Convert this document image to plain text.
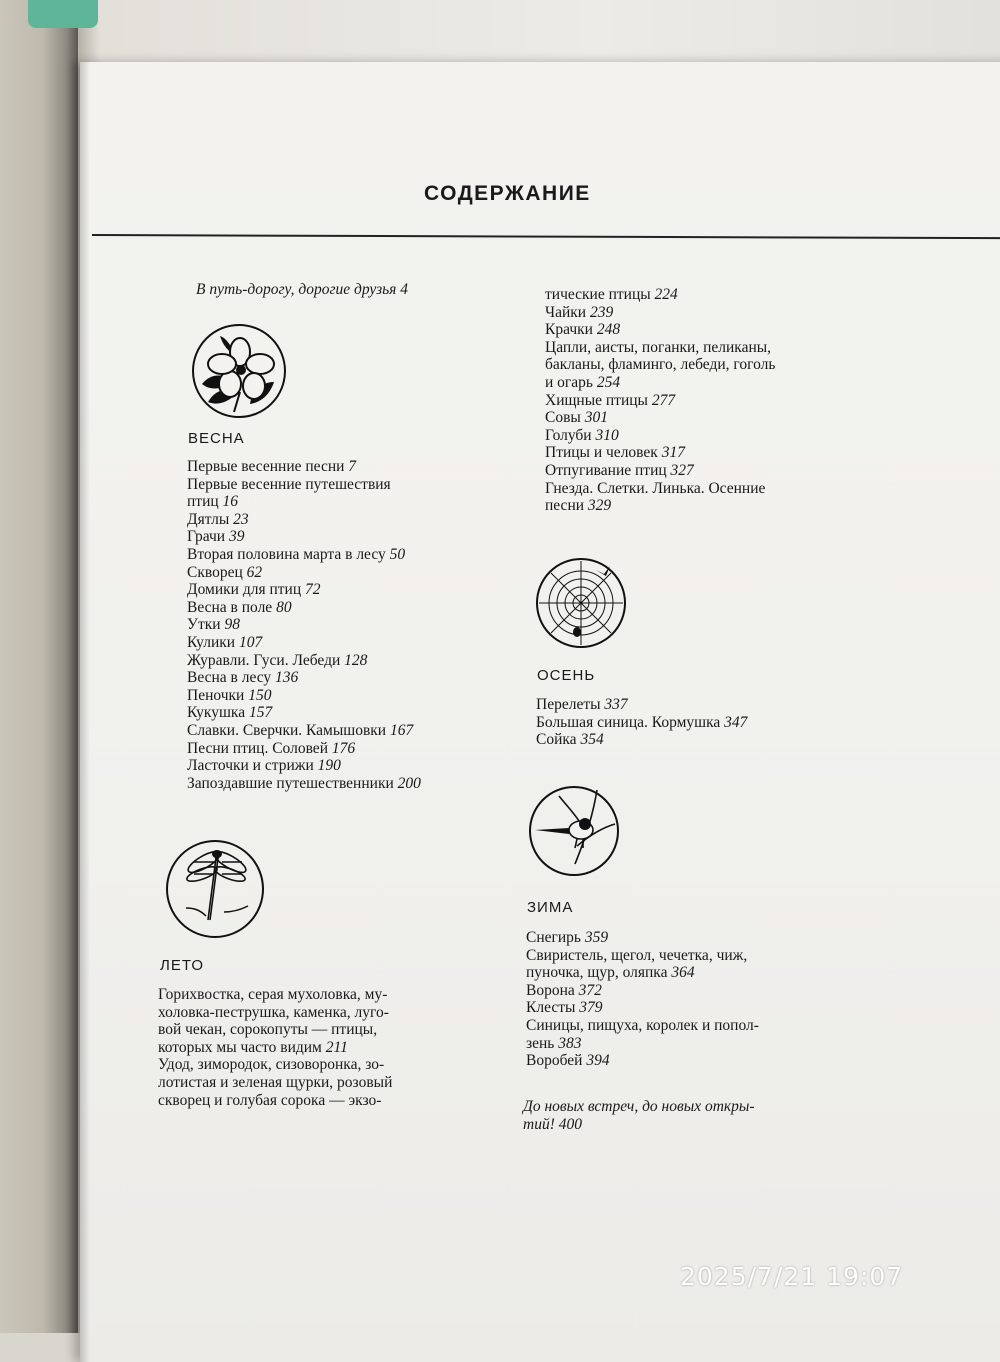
СОДЕРЖАНИЕ
В путь-дорогу, дорогие друзья 4
ВЕСНА
Первые весенние песни 7
Первые весенние путешествия
птиц 16
Дятлы 23
Грачи 39
Вторая половина марта в лесу 50
Скворец 62
Домики для птиц 72
Весна в поле 80
Утки 98
Кулики 107
Журавли. Гуси. Лебеди 128
Весна в лесу 136
Пеночки 150
Кукушка 157
Славки. Сверчки. Камышовки 167
Песни птиц. Соловей 176
Ласточки и стрижи 190
Запоздавшие путешественники 200
ЛЕТО
Горихвостка, серая мухоловка, му-
холовка-пеструшка, каменка, луго-
вой чекан, сорокопуты — птицы,
которых мы часто видим 211
Удод, зимородок, сизоворонка, зо-
лотистая и зеленая щурки, розовый
скворец и голубая сорока — экзо-
тические птицы 224
Чайки 239
Крачки 248
Цапли, аисты, поганки, пеликаны,
бакланы, фламинго, лебеди, гоголь
и огарь 254
Хищные птицы 277
Совы 301
Голуби 310
Птицы и человек 317
Отпугивание птиц 327
Гнезда. Слетки. Линька. Осенние
песни 329
ОСЕНЬ
Перелеты 337
Большая синица. Кормушка 347
Сойка 354
ЗИМА
Снегирь 359
Свиристель, щегол, чечетка, чиж,
пуночка, щур, оляпка 364
Ворона 372
Клесты 379
Синицы, пищуха, королек и попол-
зень 383
Воробей 394
До новых встреч, до новых откры-
тий! 400
2025/7/21 19:07
